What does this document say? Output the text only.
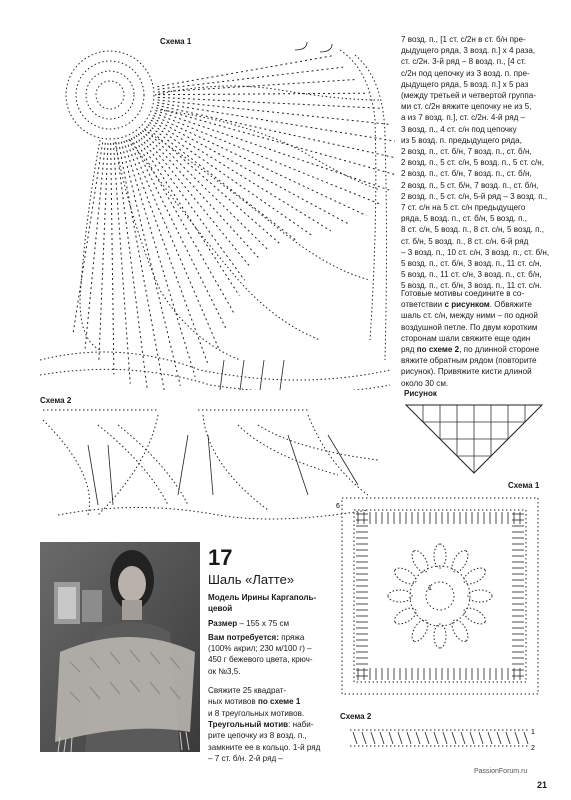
Схема 1	7 возд. п., [1 ст. с/2н в ст. б/н пре-
дыдущего ряда, 3 возд. п.] х 4 раза,
ст. с/2н. 3-й ряд – 8 возд. п., [4 ст.
с/2н под цепочку из 3 возд. п. пре-
дыдущего ряда, 5 возд. п.] х 5 раз
(между третьей и четвертой группа-
ми ст. с/2н вяжите цепочку не из 5,
а из 7 возд. п.], ст. с/2н. 4-й ряд –
3 возд. п., 4 ст. с/н под цепочку
из 5 возд. п. предыдущего ряда,
2 возд. п., ст. б/н, 7 возд. п., ст. б/н,
2 возд. п., 5 ст. с/н, 5 возд. п., 5 ст. с/н,
2 возд. п., ст. б/н, 7 возд. п., ст. б/н,
2 возд. п., 5 ст. б/н, 7 возд. п., ст. б/н,
2 возд. п., 5 ст. с/н, 5-й ряд – 3 возд. п.,
7 ст. с/н на 5 ст. с/н предыдущего
ряда, 5 возд. п., ст. б/н, 5 возд. п.,
8 ст. с/н, 5 возд. п., 8 ст. с/н, 5 возд. п.,
ст. б/н, 5 возд. п., 8 ст. с/н. 6-й ряд
– 3 возд. п., 10 ст. с/н, 3 возд. п., ст. б/н,
5 возд. п., ст. б/н, 3 возд. п., 11 ст. с/н,
5 возд. п., 11 ст. с/н, 3 возд. п., ст. б/н,
5 возд. п., ст. б/н, 3 возд. п., 11 ст. с/н.
Готовые мотивы соедините в со-
ответствии с рисунком. Обвяжите
шаль ст. с/н, между ними – по одной
воздушной петле. По двум коротким
сторонам шали свяжите еще один
ряд по схеме 2, по длинной стороне
вяжите обратным рядом (повторите
рисунок). Привяжите кисти длиной
около 30 см.
Рисунок
Схема 2
Схема 1
6
1
Схема 2
1
2
17
Шаль «Латте»
Модель Ирины Каргаполь-
цевой
Размер – 155 х 75 см
Вам потребуется: пряжа
(100% акрил; 230 м/100 г) –
450 г бежевого цвета, крюч-
ок №3,5.
Свяжите 25 квадрат-
ных мотивов по схеме 1
и 8 треугольных мотивов.
Треугольный мотив: наби-
рите цепочку из 8 возд. п.,
замкните ее в кольцо. 1-й ряд
– 7 ст. б/н. 2-й ряд –
PassionForum.ru
21
